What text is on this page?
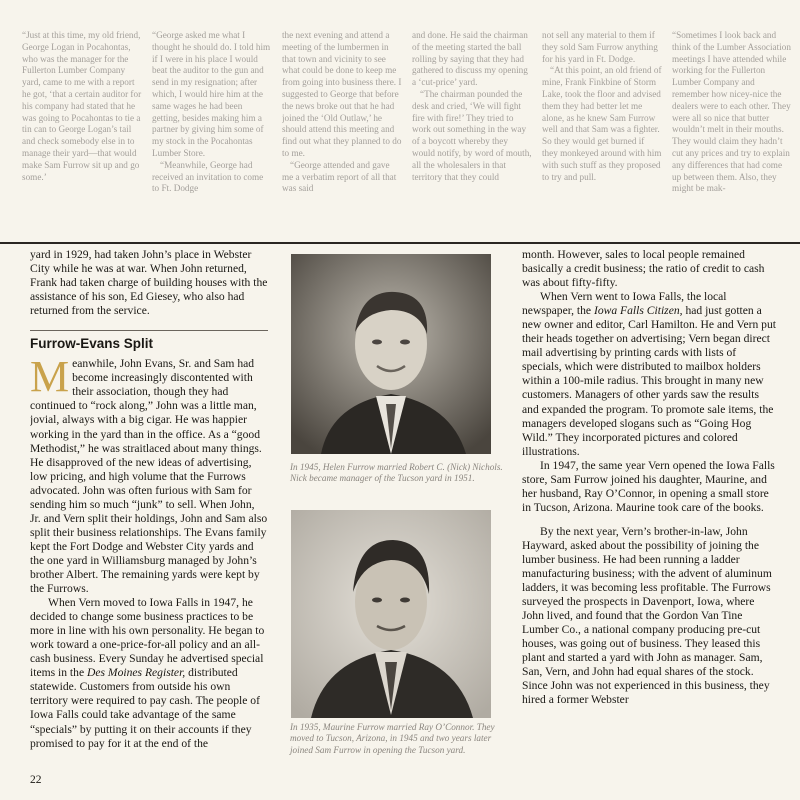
“Just at this time, my old friend, George Logan in Pocahontas, who was the manager for the Fullerton Lumber Company yard, came to me with a report he got, ‘that a certain auditor for his company had stated that he was going to Pocahontas to tie a tin can to George Logan’s tail and check somebody else in to manage their yard—that would make Sam Furrow sit up and go some.’

“George asked me what I thought he should do. I told him if I were in his place I would beat the auditor to the gun and send in my resignation; after which, I would hire him at the same wages he had been getting, besides making him a partner by giving him some of my stock in the Pocahontas Lumber Store.

“Meanwhile, George had received an invitation to come to Ft. Dodge

the next evening and attend a meeting of the lumbermen in that town and vicinity to see what could be done to keep me from going into business there. I suggested to George that before the news broke out that he had joined the ‘Old Outlaw,’ he should attend this meeting and find out what they planned to do to me.

“George attended and gave me a verbatim report of all that was said

and done. He said the chairman of the meeting started the ball rolling by saying that they had gathered to discuss my opening a ‘cut-price’ yard.

“The chairman pounded the desk and cried, ‘We will fight fire with fire!’ They tried to work out something in the way of a boycott whereby they would notify, by word of mouth, all the wholesalers in that territory that they could

not sell any material to them if they sold Sam Furrow anything for his yard in Ft. Dodge.

“At this point, an old friend of mine, Frank Finkbine of Storm Lake, took the floor and advised them they had better let me alone, as he knew Sam Furrow well and that Sam was a fighter. So they would get burned if they monkeyed around with him with such stuff as they proposed to try and pull.

“Sometimes I look back and think of the Lumber Association meetings I have attended while working for the Fullerton Lumber Company and remember how nicey-nice the dealers were to each other. They were all so nice that butter wouldn’t melt in their mouths. They would claim they hadn’t cut any prices and try to explain any differences that had come up between them. Also, they might be mak-

yard in 1929, had taken John’s place in Webster City while he was at war. When John returned, Frank had taken charge of building houses with the assistance of his son, Ed Giesey, who also had returned from the service.

Furrow-Evans Split

Meanwhile, John Evans, Sr. and Sam had become increasingly discontented with their association, though they had continued to “rock along,” John was a little man, jovial, always with a big cigar. He was happier working in the yard than in the office. As a “good Methodist,” he was straitlaced about many things. He disapproved of the new ideas of advertising, low pricing, and high volume that the Furrows advocated. John was often furious with Sam for sending him so much “junk” to sell. When John, Jr. and Vern split their holdings, John and Sam also split their business relationships. The Evans family kept the Fort Dodge and Webster City yards and the one yard in Williamsburg managed by John’s brother Albert. The remaining yards were kept by the Furrows.

When Vern moved to Iowa Falls in 1947, he decided to change some business practices to be more in line with his own personality. He began to work toward a one-price-for-all policy and an all-cash business. Every Sunday he advertised special items in the Des Moines Register, distributed statewide. Customers from outside his own territory were required to pay cash. The people of Iowa Falls could take advantage of the same “specials” by putting it on their accounts if they promised to pay for it at the end of the

In 1945, Helen Furrow married Robert C. (Nick) Nichols. Nick became manager of the Tucson yard in 1951.
In 1935, Maurine Furrow married Ray O’Connor. They moved to Tucson, Arizona, in 1945 and two years later joined Sam Furrow in opening the Tucson yard.

month. However, sales to local people remained basically a credit business; the ratio of credit to cash was about fifty-fifty.

When Vern went to Iowa Falls, the local newspaper, the Iowa Falls Citizen, had just gotten a new owner and editor, Carl Hamilton. He and Vern put their heads together on advertising; Vern began direct mail advertising by printing cards with lists of specials, which were distributed to mailbox holders within a 100-mile radius. This brought in many new customers. Managers of other yards saw the results and expanded the program. To promote sale items, the managers developed slogans such as “Going Hog Wild.” They incorporated pictures and colored illustrations.

In 1947, the same year Vern opened the Iowa Falls store, Sam Furrow joined his daughter, Maurine, and her husband, Ray O’Connor, in opening a small store in Tucson, Arizona. Maurine took care of the books.

By the next year, Vern’s brother-in-law, John Hayward, asked about the possibility of joining the lumber business. He had been running a ladder manufacturing business; with the advent of aluminum ladders, it was becoming less profitable. The Furrows surveyed the prospects in Davenport, Iowa, where John lived, and found that the Gordon Van Tine Lumber Co., a national company producing pre-cut houses, was going out of business. They leased this plant and started a yard with John as manager. Sam, San, Vern, and John had equal shares of the stock. Since John was not experienced in this business, they hired a former Webster

22
